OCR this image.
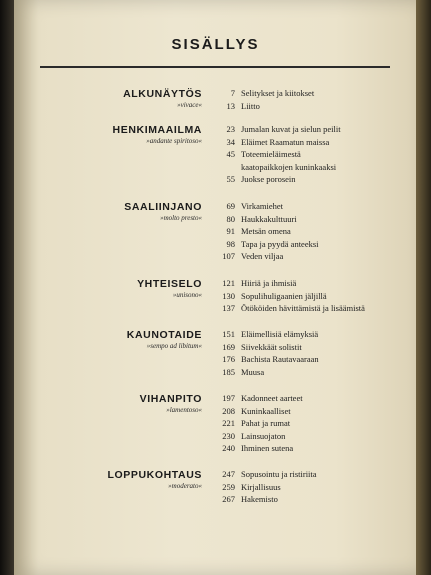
SISÄLLYS
ALKUNÄYTÖS
»vivace«
7 Selitykset ja kiitokset
13 Liitto
HENKIMAAILMA
»andante spiritoso«
23 Jumalan kuvat ja sielun peilit
34 Eläimet Raamatun maissa
45 Toteemieläimestä
kaatopaikkojen kuninkaaksi
55 Juokse porosein
SAALIINJANO
»molto presto«
69 Virkamiehet
80 Haukkakulttuuri
91 Metsän omena
98 Tapa ja pyydä anteeksi
107 Veden viljaa
YHTEISELO
»unisono«
121 Hiiriä ja ihmisiä
130 Sopulihuligaanien jäljillä
137 Ötököiden hävittämistä ja lisäämistä
KAUNOTAIDE
»sempo ad libitum«
151 Eläimellisiä elämyksiä
169 Siivekkäät solistit
176 Bachista Rautavaaraan
185 Muusa
VIHANPITO
»lamentoso«
197 Kadonneet aarteet
208 Kuninkaalliset
221 Pahat ja rumat
230 Lainsuojaton
240 Ihminen sutena
LOPPUKOHTAUS
»moderato«
247 Sopusointu ja ristiriita
259 Kirjallisuus
267 Hakemisto
